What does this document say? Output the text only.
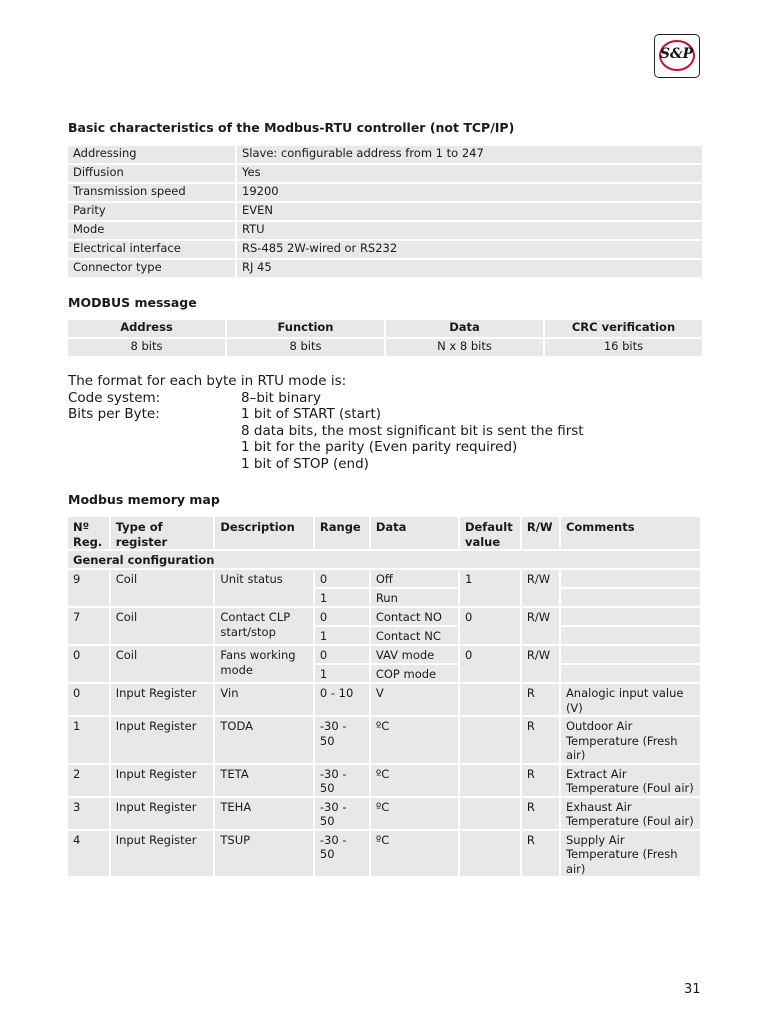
S&P
Basic characteristics of the Modbus-RTU controller (not TCP/IP)
Addressing	Slave: configurable address from 1 to 247
Diffusion	Yes
Transmission speed	19200
Parity	EVEN
Mode	RTU
Electrical interface	RS-485 2W-wired or RS232
Connector type	RJ 45
MODBUS message
Address	Function	Data	CRC verification
8 bits	8 bits	N x 8 bits	16 bits
The format for each byte in RTU mode is:
Code system:	8–bit binary
Bits per Byte:	1 bit of START (start)
8 data bits, the most significant bit is sent the first
1 bit for the parity (Even parity required)
1 bit of STOP (end)
Modbus memory map
Nº Reg.	Type of register	Description	Range	Data	Default value	R/W	Comments
General configuration							
9	Coil	Unit status	0	Off	1	R/W	
			1	Run			
7	Coil	Contact CLP start/stop	0	Contact NO	0	R/W	
			1	Contact NC			
0	Coil	Fans working mode	0	VAV mode	0	R/W	
			1	COP mode			
0	Input Register	Vin	0 - 10	V		R	Analogic input value (V)
1	Input Register	TODA	-30 - 50	ºC		R	Outdoor Air Temperature (Fresh air)
2	Input Register	TETA	-30 - 50	ºC		R	Extract Air Temperature (Foul air)
3	Input Register	TEHA	-30 - 50	ºC		R	Exhaust Air Temperature (Foul air)
4	Input Register	TSUP	-30 - 50	ºC		R	Supply Air Temperature (Fresh air)
31
